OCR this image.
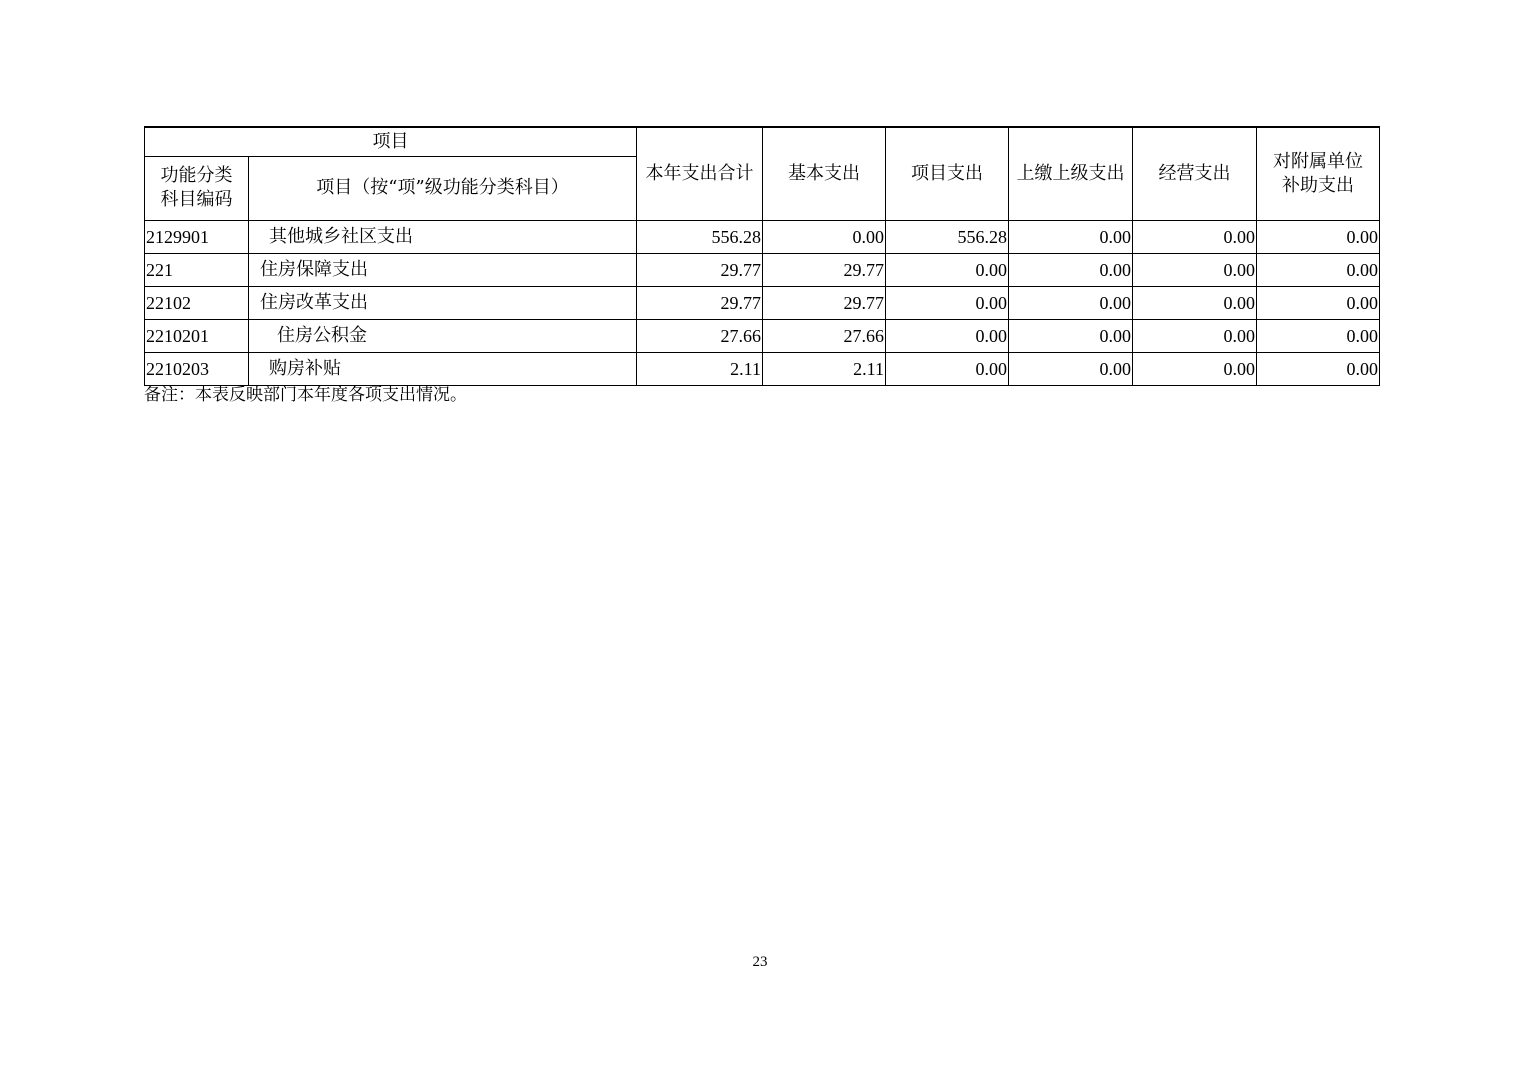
项目		本年支出合计	基本支出	项目支出	上缴上级支出	经营支出	对附属单位补助支出

功能分类科目编码	项目（按“项”级功能分类科目）						
2129901	其他城乡社区支出	556.28	0.00	556.28	0.00	0.00	0.00
221	住房保障支出	29.77	29.77	0.00	0.00	0.00	0.00
22102	住房改革支出	29.77	29.77	0.00	0.00	0.00	0.00
2210201	住房公积金	27.66	27.66	0.00	0.00	0.00	0.00
2210203	购房补贴	2.11	2.11	0.00	0.00	0.00	0.00
备注：本表反映部门本年度各项支出情况。
23
